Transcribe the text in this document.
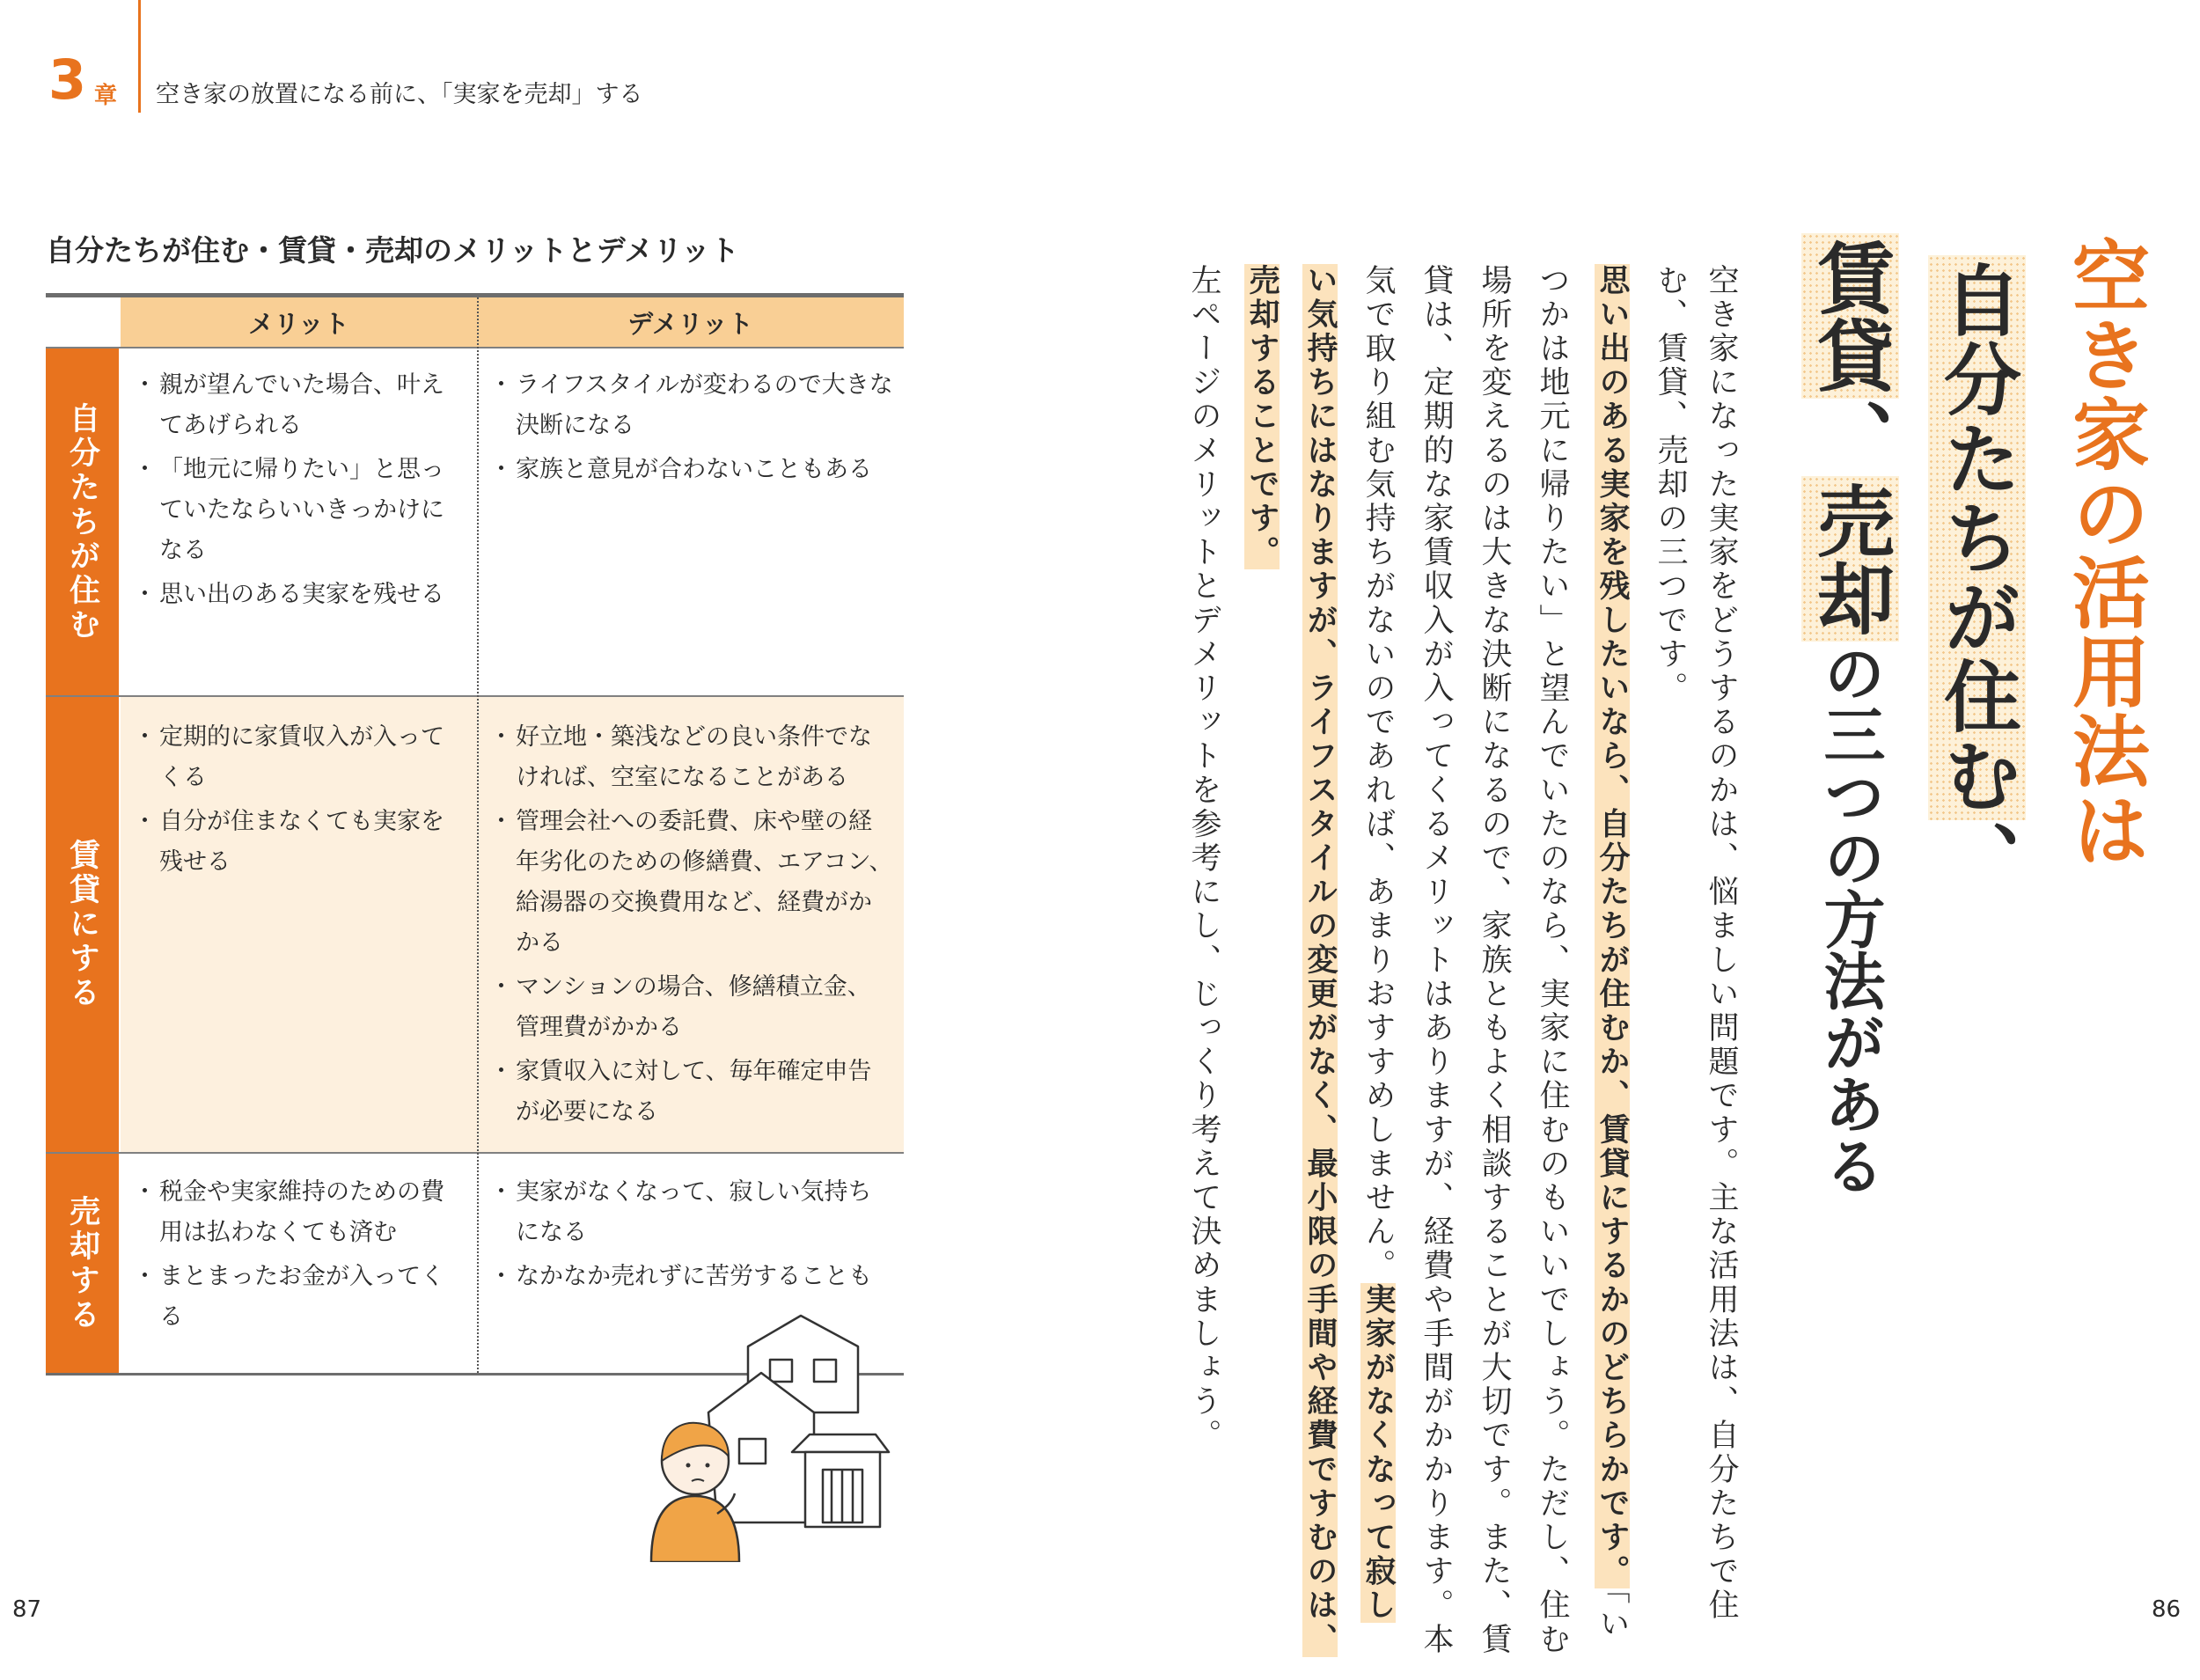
3 章 空き家の放置になる前に、「実家を売却」する
自分たちが住む・賃貸・売却のメリットとデメリット
メリット	デメリット
自分たちが住む
賃貸にする
売却する
・ 親が望んでいた場合、叶えてあげられる
・ 「地元に帰りたい」と思っていたならいいきっかけになる
・ 思い出のある実家を残せる
・ ライフスタイルが変わるので大きな決断になる
・ 家族と意見が合わないこともある
・ 定期的に家賃収入が入ってくる
・ 自分が住まなくても実家を残せる
・ 好立地・築浅などの良い条件でなければ、空室になることがある
・ 管理会社への委託費、床や壁の経年劣化のための修繕費、エアコン、給湯器の交換費用など、経費がかかる
・ マンションの場合、修繕積立金、管理費がかかる
・ 家賃収入に対して、毎年確定申告が必要になる
・ 税金や実家維持のための費用は払わなくても済む
・ まとまったお金が入ってくる
・ 実家がなくなって、寂しい気持ちになる
・ なかなか売れずに苦労することも
87	86
空き家の活用法は
自分たちが住む、
賃貸、売却の三つの方法がある
空き家になった実家をどうするのかは、悩ましい問題です。主な活用法は、自分たちで住
む、賃貸、売却の三つです。
思い出のある実家を残したいなら、自分たちが住むか、賃貸にするかのどちらかです。「い
つかは地元に帰りたい」と望んでいたのなら、実家に住むのもいいでしょう。ただし、住む
場所を変えるのは大きな決断になるので、家族ともよく相談することが大切です。また、賃
貸は、定期的な家賃収入が入ってくるメリットはありますが、経費や手間がかかります。本
気で取り組む気持ちがないのであれば、あまりおすすめしません。実家がなくなって寂し
い気持ちにはなりますが、ライフスタイルの変更がなく、最小限の手間や経費ですむのは、
売却することです。
左ページのメリットとデメリットを参考にし、じっくり考えて決めましょう。
